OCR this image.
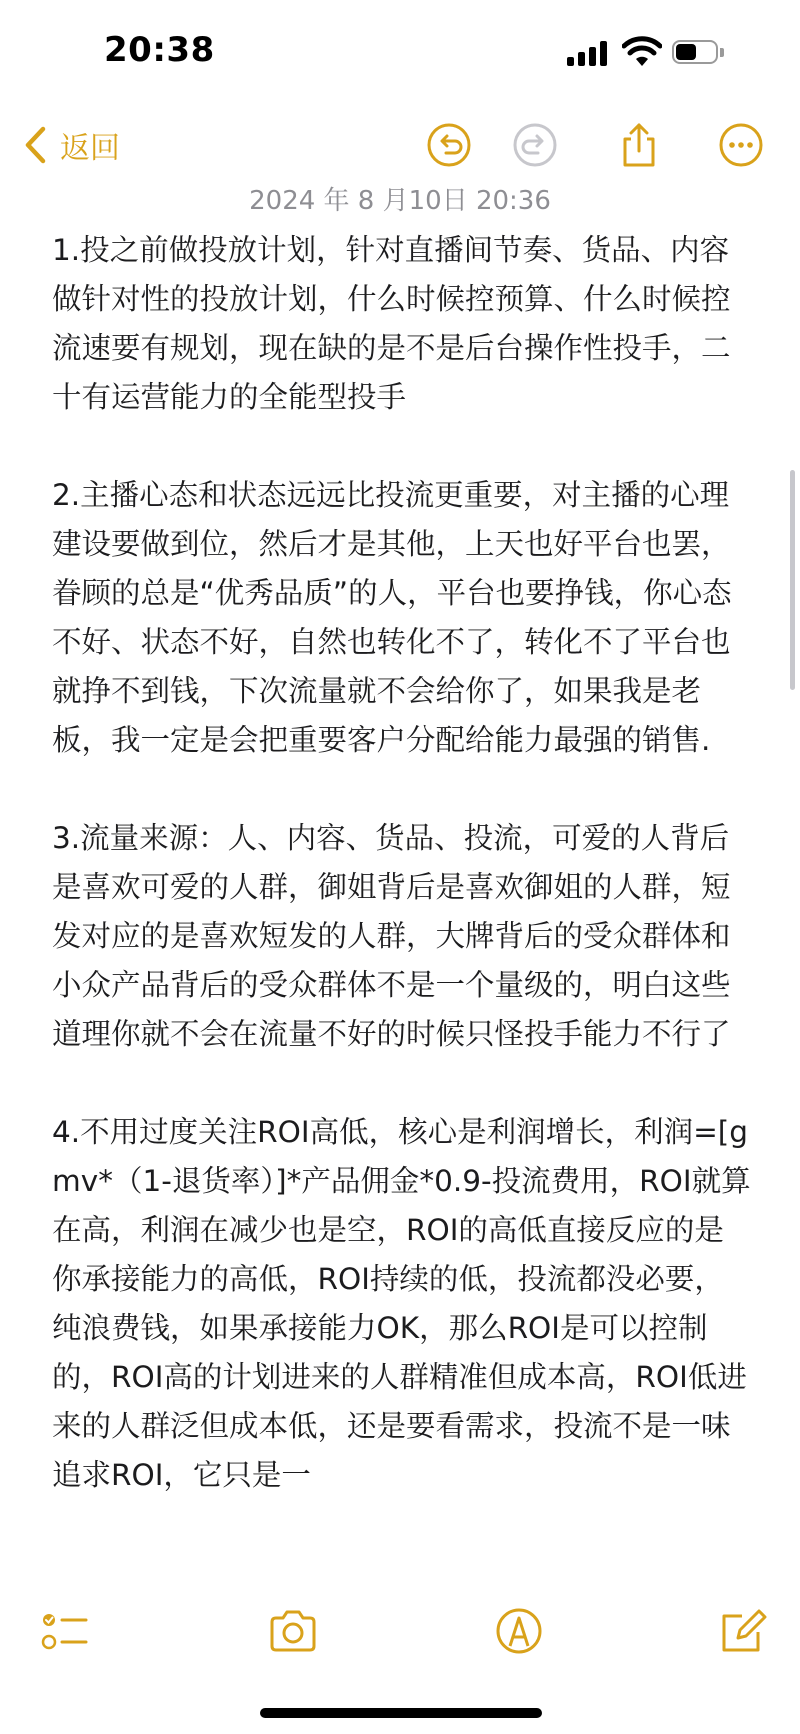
20:38
返回
2024 年 8 月10日 20:36

1.投之前做投放计划，针对直播间节奏、货品、内容做针对性的投放计划，什么时候控预算、什么时候控流速要有规划，现在缺的是不是后台操作性投手，二十有运营能力的全能型投手

2.主播心态和状态远远比投流更重要，对主播的心理建设要做到位，然后才是其他，上天也好平台也罢，眷顾的总是“优秀品质”的人，平台也要挣钱，你心态不好、状态不好，自然也转化不了，转化不了平台也就挣不到钱，下次流量就不会给你了，如果我是老板，我一定是会把重要客户分配给能力最强的销售.

3.流量来源：人、内容、货品、投流，可爱的人背后是喜欢可爱的人群，御姐背后是喜欢御姐的人群，短发对应的是喜欢短发的人群，大牌背后的受众群体和小众产品背后的受众群体不是一个量级的，明白这些道理你就不会在流量不好的时候只怪投手能力不行了

4.不用过度关注ROI高低，核心是利润增长，利润=[gmv*（1-退货率）]*产品佣金*0.9-投流费用，ROI就算在高，利润在减少也是空，ROI的高低直接反应的是你承接能力的高低，ROI持续的低，投流都没必要，纯浪费钱，如果承接能力OK，那么ROI是可以控制的，ROI高的计划进来的人群精准但成本高，ROI低进来的人群泛但成本低，还是要看需求，投流不是一味追求ROI，它只是一
